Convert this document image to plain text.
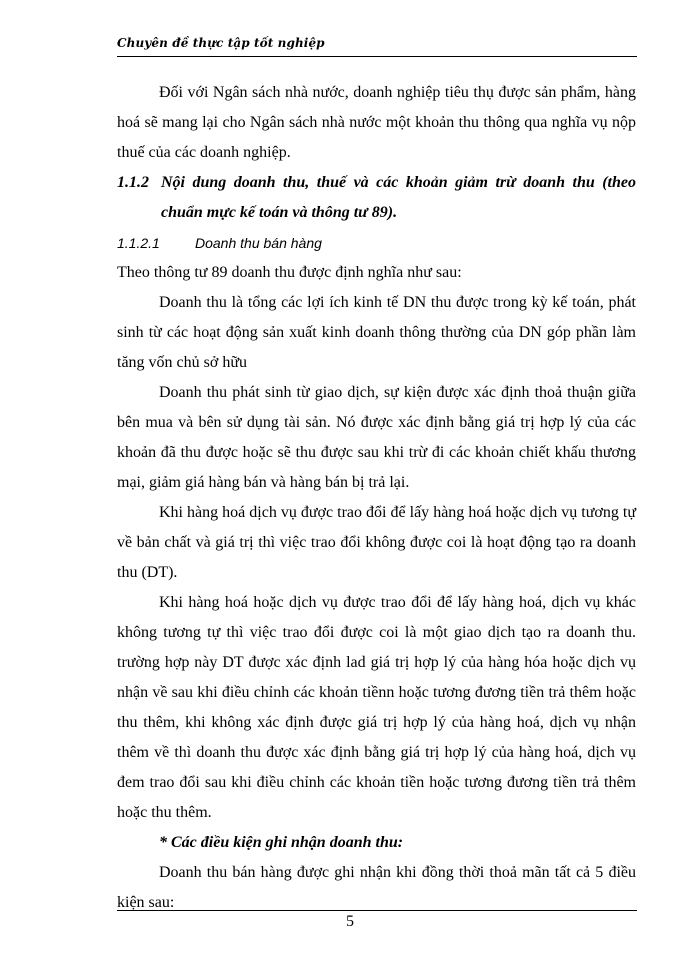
Chuyên đề thực tập tốt nghiệp

Đối với Ngân sách nhà nước, doanh nghiệp tiêu thụ được sản phẩm, hàng hoá sẽ mang lại cho Ngân sách nhà nước một khoản thu thông qua nghĩa vụ nộp thuế của các doanh nghiệp.

1.1.2 Nội dung doanh thu, thuế và các khoản giảm trừ doanh thu (theo chuẩn mực kế toán và thông tư 89).
1.1.2.1	Doanh thu bán hàng

Theo thông tư 89 doanh thu được định nghĩa như sau:

Doanh thu là tổng các lợi ích kinh tế DN thu được trong kỳ kế toán, phát sinh từ các hoạt động sản xuất kinh doanh thông thường của DN góp phần làm tăng vốn chủ sở hữu

Doanh thu phát sinh từ giao dịch, sự kiện được xác định thoả thuận giữa bên mua và bên sử dụng tài sản. Nó được xác định bằng giá trị hợp lý của các khoản đã thu được hoặc sẽ thu được sau khi trừ đi các khoản chiết khấu thương mại, giảm giá hàng bán và hàng bán bị trả lại.

Khi hàng hoá dịch vụ được trao đổi để lấy hàng hoá hoặc dịch vụ tương tự về bản chất và giá trị thì việc trao đổi không được coi là hoạt động tạo ra doanh thu (DT).

Khi hàng hoá hoặc dịch vụ được trao đổi để lấy hàng hoá, dịch vụ khác không tương tự thì việc trao đổi được coi là một giao dịch tạo ra doanh thu. trường hợp này DT được xác định lad giá trị hợp lý của hàng hóa hoặc dịch vụ nhận về sau khi điều chỉnh các khoản tiềnn hoặc tương đương tiền trả thêm hoặc thu thêm, khi không xác định được giá trị hợp lý của hàng hoá, dịch vụ nhận thêm về thì doanh thu được xác định bằng giá trị hợp lý của hàng hoá, dịch vụ đem trao đổi sau khi điều chỉnh các khoản tiền hoặc tương đương tiền trả thêm hoặc thu thêm.

* Các điều kiện ghi nhận doanh thu:

Doanh thu bán hàng được ghi nhận khi đồng thời thoả mãn tất cả 5 điều kiện sau:

5
